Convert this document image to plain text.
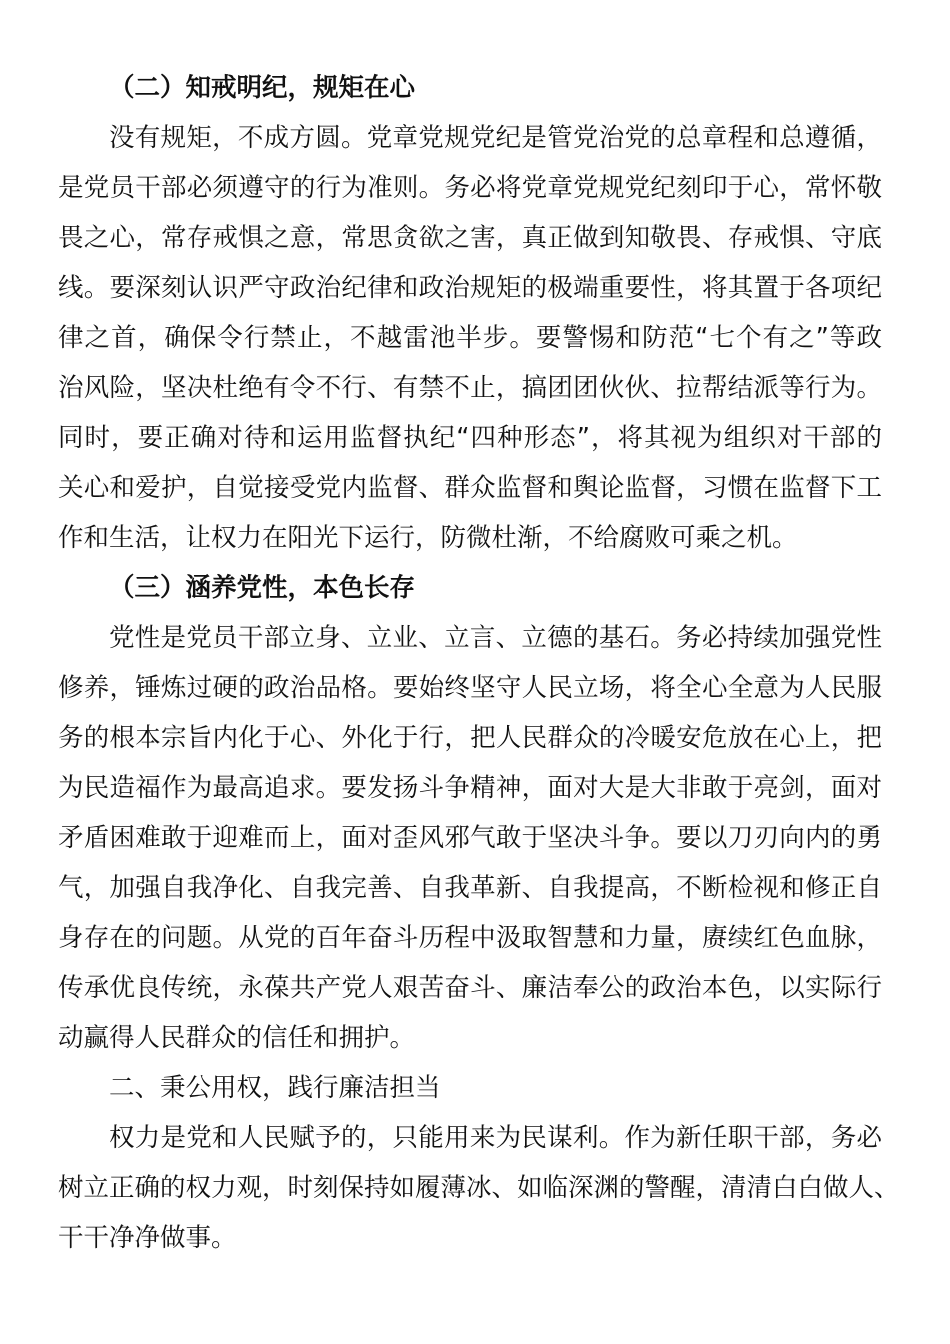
（二）知戒明纪，规矩在心
没有规矩，不成方圆。党章党规党纪是管党治党的总章程和总遵循，
是党员干部必须遵守的行为准则。务必将党章党规党纪刻印于心，常怀敬
畏之心，常存戒惧之意，常思贪欲之害，真正做到知敬畏、存戒惧、守底
线。要深刻认识严守政治纪律和政治规矩的极端重要性，将其置于各项纪
律之首，确保令行禁止，不越雷池半步。要警惕和防范“七个有之”等政
治风险，坚决杜绝有令不行、有禁不止，搞团团伙伙、拉帮结派等行为。
同时，要正确对待和运用监督执纪“四种形态”，将其视为组织对干部的
关心和爱护，自觉接受党内监督、群众监督和舆论监督，习惯在监督下工
作和生活，让权力在阳光下运行，防微杜渐，不给腐败可乘之机。
（三）涵养党性，本色长存
党性是党员干部立身、立业、立言、立德的基石。务必持续加强党性
修养，锤炼过硬的政治品格。要始终坚守人民立场，将全心全意为人民服
务的根本宗旨内化于心、外化于行，把人民群众的冷暖安危放在心上，把
为民造福作为最高追求。要发扬斗争精神，面对大是大非敢于亮剑，面对
矛盾困难敢于迎难而上，面对歪风邪气敢于坚决斗争。要以刀刃向内的勇
气，加强自我净化、自我完善、自我革新、自我提高，不断检视和修正自
身存在的问题。从党的百年奋斗历程中汲取智慧和力量，赓续红色血脉，
传承优良传统，永葆共产党人艰苦奋斗、廉洁奉公的政治本色，以实际行
动赢得人民群众的信任和拥护。
二、秉公用权，践行廉洁担当
权力是党和人民赋予的，只能用来为民谋利。作为新任职干部，务必
树立正确的权力观，时刻保持如履薄冰、如临深渊的警醒，清清白白做人、
干干净净做事。
